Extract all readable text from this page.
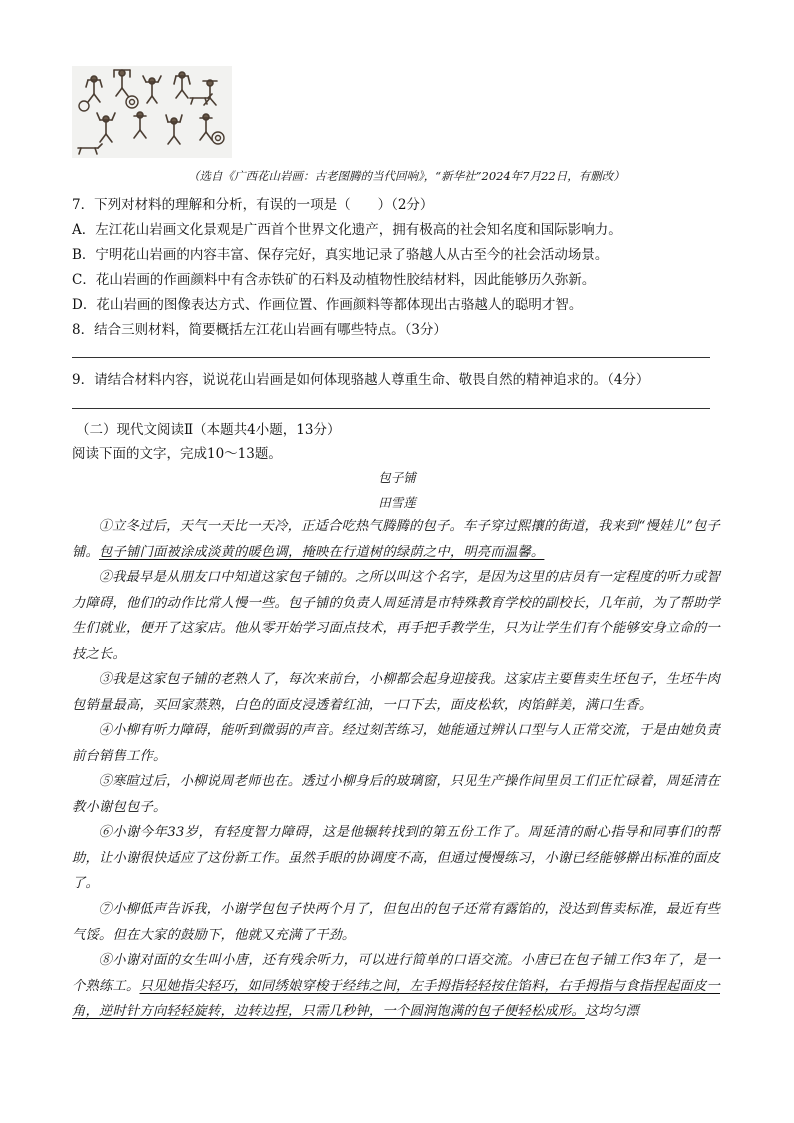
（选自《广西花山岩画：古老图腾的当代回响》，“新华社”2024年7月22日，有删改）
7．下列对材料的理解和分析，有误的一项是（　　）（2分）
A．左江花山岩画文化景观是广西首个世界文化遗产，拥有极高的社会知名度和国际影响力。
B．宁明花山岩画的内容丰富、保存完好，真实地记录了骆越人从古至今的社会活动场景。
C．花山岩画的作画颜料中有含赤铁矿的石料及动植物性胶结材料，因此能够历久弥新。
D．花山岩画的图像表达方式、作画位置、作画颜料等都体现出古骆越人的聪明才智。
8．结合三则材料，简要概括左江花山岩画有哪些特点。（3分）
9．请结合材料内容，说说花山岩画是如何体现骆越人尊重生命、敬畏自然的精神追求的。（4分）
（二）现代文阅读Ⅱ（本题共4小题，13分）
阅读下面的文字，完成10～13题。
包子铺
田雪莲
①立冬过后，天气一天比一天冷，正适合吃热气腾腾的包子。车子穿过熙攘的街道，我来到“慢娃儿”包子铺。包子铺门面被涂成淡黄的暖色调，掩映在行道树的绿荫之中，明亮而温馨。
②我最早是从朋友口中知道这家包子铺的。之所以叫这个名字，是因为这里的店员有一定程度的听力或智力障碍，他们的动作比常人慢一些。包子铺的负责人周延清是市特殊教育学校的副校长，几年前，为了帮助学生们就业，便开了这家店。他从零开始学习面点技术，再手把手教学生，只为让学生们有个能够安身立命的一技之长。
③我是这家包子铺的老熟人了，每次来前台，小柳都会起身迎接我。这家店主要售卖生坯包子，生坯牛肉包销量最高，买回家蒸熟，白色的面皮浸透着红油，一口下去，面皮松软，肉馅鲜美，满口生香。
④小柳有听力障碍，能听到微弱的声音。经过刻苦练习，她能通过辨认口型与人正常交流，于是由她负责前台销售工作。
⑤寒暄过后，小柳说周老师也在。透过小柳身后的玻璃窗，只见生产操作间里员工们正忙碌着，周延清在教小谢包包子。
⑥小谢今年33岁，有轻度智力障碍，这是他辗转找到的第五份工作了。周延清的耐心指导和同事们的帮助，让小谢很快适应了这份新工作。虽然手眼的协调度不高，但通过慢慢练习，小谢已经能够擀出标准的面皮了。
⑦小柳低声告诉我，小谢学包包子快两个月了，但包出的包子还常有露馅的，没达到售卖标准，最近有些气馁。但在大家的鼓励下，他就又充满了干劲。
⑧小谢对面的女生叫小唐，还有残余听力，可以进行简单的口语交流。小唐已在包子铺工作3年了，是一个熟练工。只见她指尖轻巧，如同绣娘穿梭于经纬之间，左手拇指轻轻按住馅料，右手拇指与食指捏起面皮一角，逆时针方向轻轻旋转，边转边捏，只需几秒钟，一个圆润饱满的包子便轻松成形。这均匀漂
